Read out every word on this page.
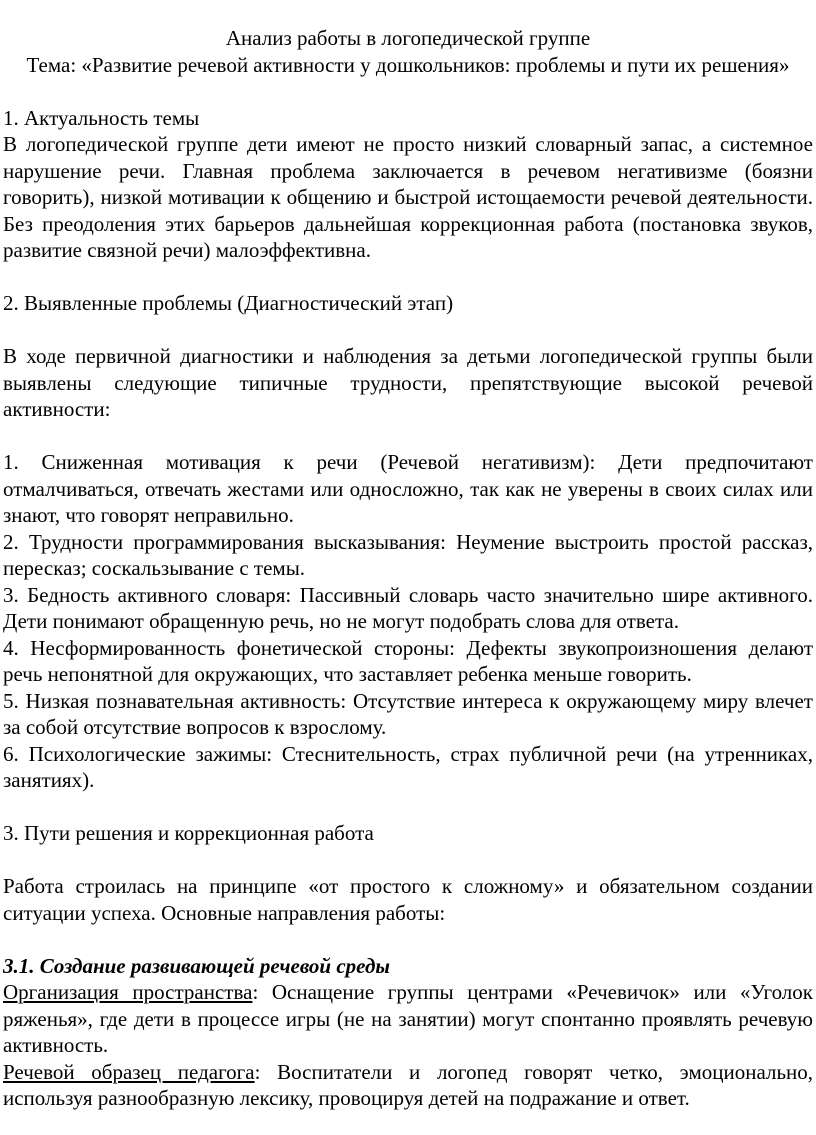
Анализ работы в логопедической группе

Тема: «Развитие речевой активности у дошкольников: проблемы и пути их решения»

1. Актуальность темы

В логопедической группе дети имеют не просто низкий словарный запас, а системное нарушение речи. Главная проблема заключается в речевом негативизме (боязни говорить), низкой мотивации к общению и быстрой истощаемости речевой деятельности. Без преодоления этих барьеров дальнейшая коррекционная работа (постановка звуков, развитие связной речи) малоэффективна.

2. Выявленные проблемы (Диагностический этап)

В ходе первичной диагностики и наблюдения за детьми логопедической группы были выявлены следующие типичные трудности, препятствующие высокой речевой активности:

1. Сниженная мотивация к речи (Речевой негативизм): Дети предпочитают отмалчиваться, отвечать жестами или односложно, так как не уверены в своих силах или знают, что говорят неправильно.

2. Трудности программирования высказывания: Неумение выстроить простой рассказ, пересказ; соскальзывание с темы.

3. Бедность активного словаря: Пассивный словарь часто значительно шире активного. Дети понимают обращенную речь, но не могут подобрать слова для ответа.

4. Несформированность фонетической стороны: Дефекты звукопроизношения делают речь непонятной для окружающих, что заставляет ребенка меньше говорить.

5. Низкая познавательная активность: Отсутствие интереса к окружающему миру влечет за собой отсутствие вопросов к взрослому.

6. Психологические зажимы: Стеснительность, страх публичной речи (на утренниках, занятиях).

3. Пути решения и коррекционная работа

Работа строилась на принципе «от простого к сложному» и обязательном создании ситуации успеха. Основные направления работы:

3.1. Создание развивающей речевой среды

Организация пространства: Оснащение группы центрами «Речевичок» или «Уголок ряженья», где дети в процессе игры (не на занятии) могут спонтанно проявлять речевую активность.

Речевой образец педагога: Воспитатели и логопед говорят четко, эмоционально, используя разнообразную лексику, провоцируя детей на подражание и ответ.
